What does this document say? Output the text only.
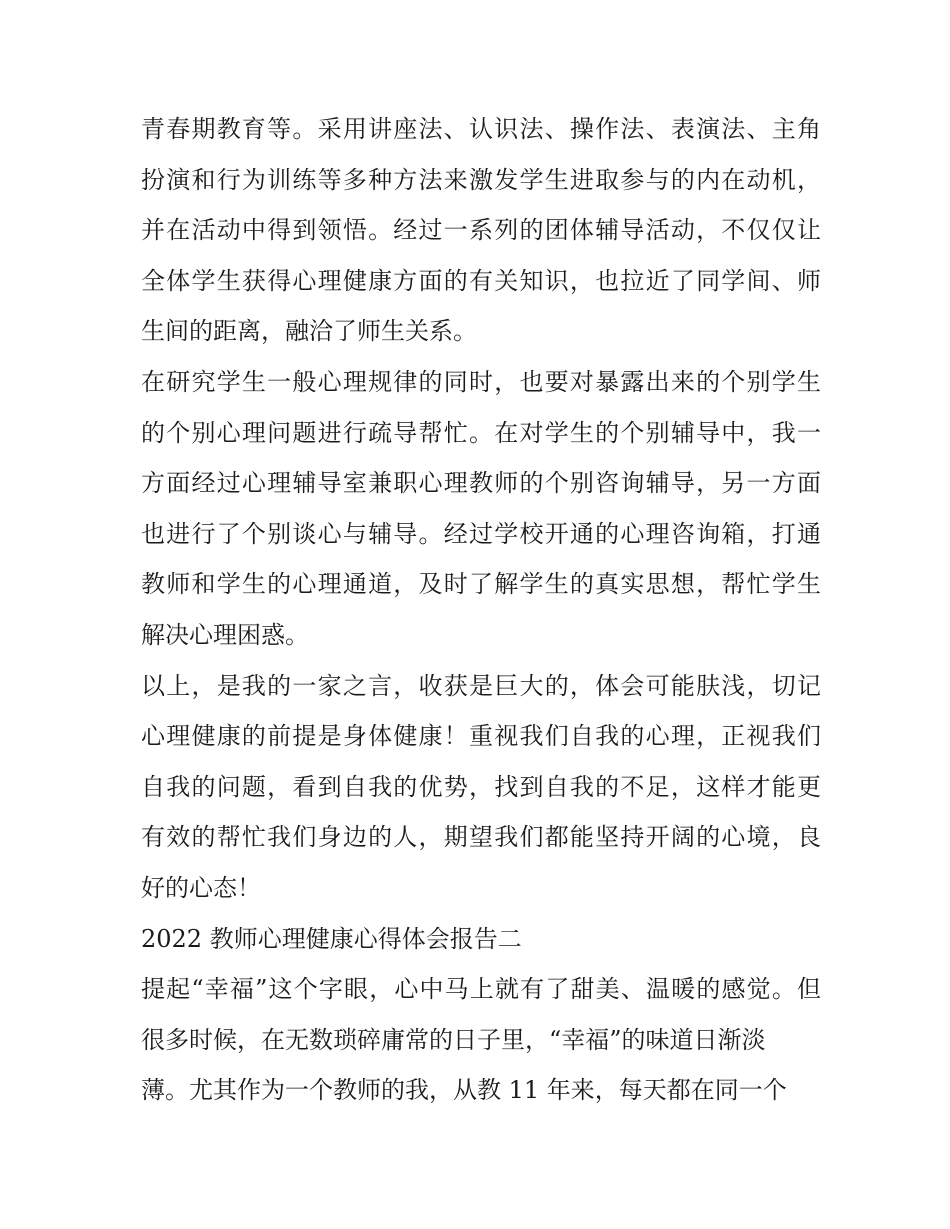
青春期教育等。采用讲座法、认识法、操作法、表演法、主角
扮演和行为训练等多种方法来激发学生进取参与的内在动机，
并在活动中得到领悟。经过一系列的团体辅导活动，不仅仅让
全体学生获得心理健康方面的有关知识，也拉近了同学间、师
生间的距离，融洽了师生关系。
在研究学生一般心理规律的同时，也要对暴露出来的个别学生
的个别心理问题进行疏导帮忙。在对学生的个别辅导中，我一
方面经过心理辅导室兼职心理教师的个别咨询辅导，另一方面
也进行了个别谈心与辅导。经过学校开通的心理咨询箱，打通
教师和学生的心理通道，及时了解学生的真实思想，帮忙学生
解决心理困惑。
以上，是我的一家之言，收获是巨大的，体会可能肤浅，切记
心理健康的前提是身体健康！重视我们自我的心理，正视我们
自我的问题，看到自我的优势，找到自我的不足，这样才能更
有效的帮忙我们身边的人，期望我们都能坚持开阔的心境，良
好的心态！
2022 教师心理健康心得体会报告二
提起“幸福”这个字眼，心中马上就有了甜美、温暖的感觉。但
很多时候，在无数琐碎庸常的日子里，“幸福”的味道日渐淡
薄。尤其作为一个教师的我，从教 11 年来，每天都在同一个
